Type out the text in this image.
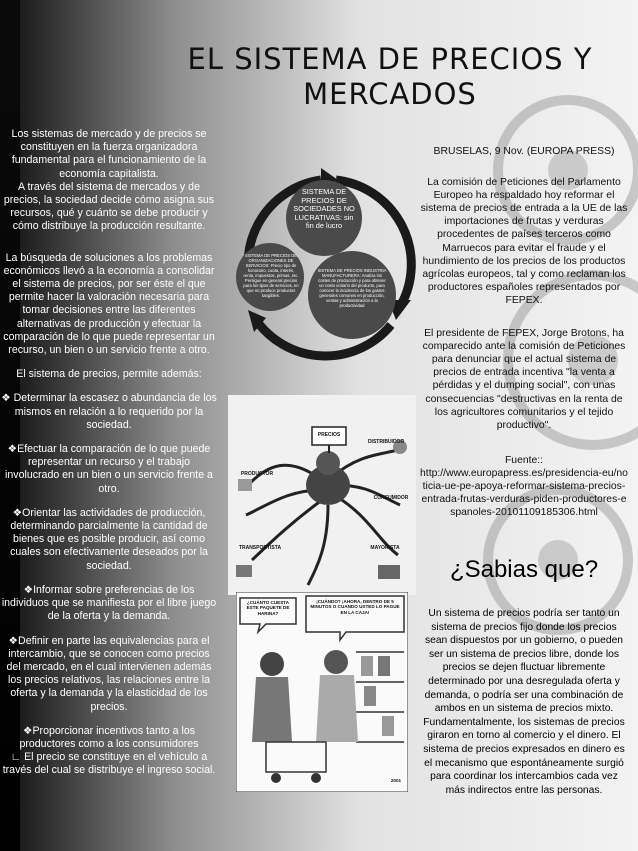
EL SISTEMA DE PRECIOS Y
MERCADOS

Los sistemas de mercado y de precios se constituyen en la fuerza organizadora fundamental para el funcionamiento de la economía capitalista.
A través del sistema de mercados y de precios, la sociedad decide cómo asigna sus recursos, qué y cuánto se debe producir y cómo distribuye la producción resultante.

La búsqueda de soluciones a los problemas económicos llevó a la economía a consolidar el sistema de precios, por ser éste el que permite hacer la valoración necesaria para tomar decisiones entre las diferentes alternativas de producción y efectuar la comparación de lo que puede representar un recurso, un bien o un servicio frente a otro.

El sistema de precios, permite además:

❖ Determinar la escasez o abundancia de los mismos en relación a lo requerido por la sociedad.

❖Efectuar la comparación de lo que puede representar un recurso y el trabajo involucrado en un bien o un servicio frente a otro.

❖Orientar las actividades de producción, determinando parcialmente la cantidad de bienes que es posible producir, así como cuales son efectivamente deseados por la sociedad.

❖Informar sobre preferencias de los individuos que se manifiesta por el libre juego de la oferta y la demanda.

❖Definir en parte las equivalencias para el intercambio, que se conocen como precios del mercado, en el cual intervienen además los precios relativos, las relaciones entre la oferta y la demanda y la elasticidad de los precios.

❖Proporcionar incentivos tanto a los productores como a los consumidores
∟ El precio se constituye en el vehículo a través del cual se distribuye el ingreso social.

SISTEMA DE PRECIOS DE SOCIEDADES NO LUCRATIVAS: sin fin de lucro
SISTEMA DE PRECIOS DE ORGANIZACIONES DE SERVICIOS: Precio tipo de honorario, cuota, interés, renta, impuestos, primas, etc. Persigue en general precios para los tipos de servicios, en que no produce productos tangibles.
SISTEMA DE PRECIOS INDUSTRIA MANUFACTURERA: Analiza los costes de producción y para obtener un costo unitario del producto, para conocer la incidencia de los gastos generales comunes en producción, ventas y administración a la productividad
PRECIOS
PRODUCTOR
DISTRIBUIDOR
CONSUMIDOR
TRANSPORTISTA	MAYORISTA
¿CUÁNTO CUESTA ESTE PAQUETE DE HARINA?
¡CUÁNDO? ¡AHORA, DENTRO DE 5 MINUTOS O CUANDO USTED LO PAGUE EN LA CAJA!
2001

BRUSELAS, 9 Nov. (EUROPA PRESS)

La comisión de Peticiones del Parlamento Europeo ha respaldado hoy reformar el sistema de precios de entrada a la UE de las importaciones de frutas y verduras procedentes de países terceros como Marruecos para evitar el fraude y el hundimiento de los precios de los productos agrícolas europeos, tal y como reclaman los productores españoles representados por FEPEX.

El presidente de FEPEX, Jorge Brotons, ha comparecido ante la comisión de Peticiones para denunciar que el actual sistema de precios de entrada incentiva "la venta a pérdidas y el dumping social", con unas consecuencias "destructivas en la renta de los agricultores comunitarios y el tejido productivo".

Fuente::
http://www.europapress.es/presidencia-eu/noticia-ue-pe-apoya-reformar-sistema-precios-entrada-frutas-verduras-piden-productores-espanoles-20101109185306.html

¿Sabias que?

Un sistema de precios podría ser tanto un sistema de precios fijo donde los precios sean dispuestos por un gobierno, o pueden ser un sistema de precios libre, donde los precios se dejen fluctuar libremente determinado por una desregulada oferta y demanda, o podría ser una combinación de ambos en un sistema de precios mixto. Fundamentalmente, los sistemas de precios giraron en torno al comercio y el dinero. El sistema de precios expresados en dinero es el mecanismo que espontáneamente surgió para coordinar los intercambios cada vez más indirectos entre las personas.
